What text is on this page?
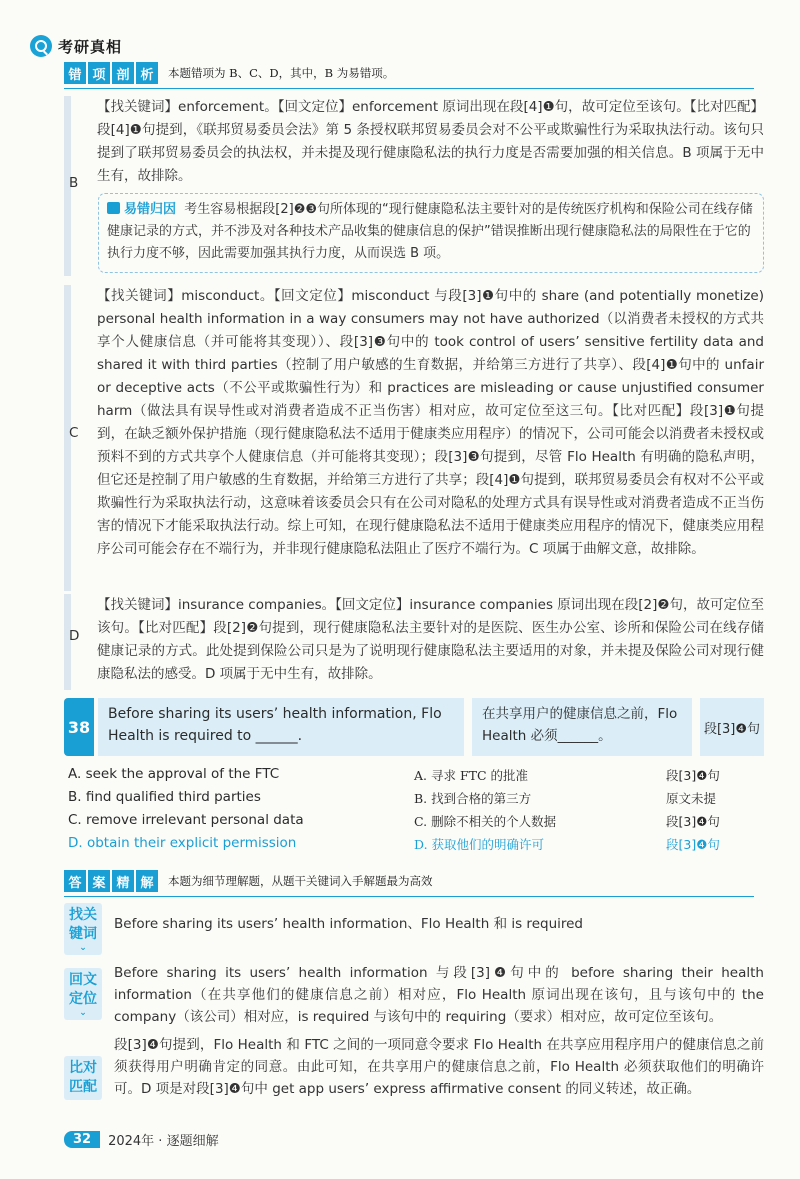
考研真相
错 项 剖 析	本题错项为 B、C、D，其中，B 为易错项。
B

【找关键词】enforcement。【回文定位】enforcement 原词出现在段[4]❶句，故可定位至该句。【比对匹配】段[4]❶句提到，《联邦贸易委员会法》第 5 条授权联邦贸易委员会对不公平或欺骗性行为采取执法行动。该句只提到了联邦贸易委员会的执法权，并未提及现行健康隐私法的执行力度是否需要加强的相关信息。B 项属于无中生有，故排除。

易错归因 考生容易根据段[2]❷❸句所体现的“现行健康隐私法主要针对的是传统医疗机构和保险公司在线存储健康记录的方式，并不涉及对各种技术产品收集的健康信息的保护”错误推断出现行健康隐私法的局限性在于它的执行力度不够，因此需要加强其执行力度，从而误选 B 项。

C

【找关键词】misconduct。【回文定位】misconduct 与段[3]❶句中的 share (and potentially monetize) personal health information in a way consumers may not have authorized（以消费者未授权的方式共享个人健康信息（并可能将其变现））、段[3]❸句中的 took control of users’ sensitive fertility data and shared it with third parties（控制了用户敏感的生育数据，并给第三方进行了共享）、段[4]❶句中的 unfair or deceptive acts（不公平或欺骗性行为）和 practices are misleading or cause unjustified consumer harm（做法具有误导性或对消费者造成不正当伤害）相对应，故可定位至这三句。【比对匹配】段[3]❶句提到，在缺乏额外保护措施（现行健康隐私法不适用于健康类应用程序）的情况下，公司可能会以消费者未授权或预料不到的方式共享个人健康信息（并可能将其变现）；段[3]❸句提到，尽管 Flo Health 有明确的隐私声明，但它还是控制了用户敏感的生育数据，并给第三方进行了共享；段[4]❶句提到，联邦贸易委员会有权对不公平或欺骗性行为采取执法行动，这意味着该委员会只有在公司对隐私的处理方式具有误导性或对消费者造成不正当伤害的情况下才能采取执法行动。综上可知，在现行健康隐私法不适用于健康类应用程序的情况下，健康类应用程序公司可能会存在不端行为，并非现行健康隐私法阻止了医疗不端行为。C 项属于曲解文意，故排除。

D

【找关键词】insurance companies。【回文定位】insurance companies 原词出现在段[2]❷句，故可定位至该句。【比对匹配】段[2]❷句提到，现行健康隐私法主要针对的是医院、医生办公室、诊所和保险公司在线存储健康记录的方式。此处提到保险公司只是为了说明现行健康隐私法主要适用的对象，并未提及保险公司对现行健康隐私法的感受。D 项属于无中生有，故排除。

38
Before sharing its users’ health information, Flo Health is required to ______.
在共享用户的健康信息之前，Flo Health 必须______。	段[3]❹句
A. seek the approval of the FTC	A. 寻求 FTC 的批准	段[3]❹句
B. find qualified third parties	B. 找到合格的第三方	原文未提
C. remove irrelevant personal data	C. 删除不相关的个人数据	段[3]❹句
D. obtain their explicit permission	D. 获取他们的明确许可	段[3]❹句
答 案 精 解	本题为细节理解题，从题干关键词入手解题最为高效
找关
键词
⌄

Before sharing its users’ health information、Flo Health 和 is required

回文
定位
⌄

Before sharing its users’ health information 与段[3]❹句中的 before sharing their health information（在共享他们的健康信息之前）相对应，Flo Health 原词出现在该句，且与该句中的 the company（该公司）相对应，is required 与该句中的 requiring（要求）相对应，故可定位至该句。

比对
匹配

段[3]❹句提到，Flo Health 和 FTC 之间的一项同意令要求 Flo Health 在共享应用程序用户的健康信息之前须获得用户明确肯定的同意。由此可知，在共享用户的健康信息之前，Flo Health 必须获取他们的明确许可。D 项是对段[3]❹句中 get app users’ express affirmative consent 的同义转述，故正确。

32	2024年 · 逐题细解
